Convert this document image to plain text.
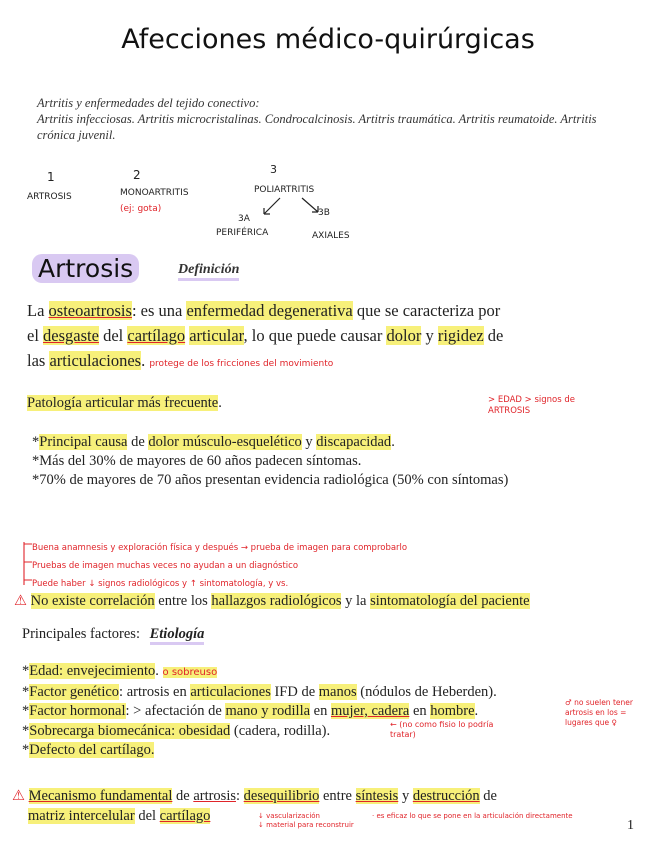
Afecciones médico-quirúrgicas
Artritis y enfermedades del tejido conectivo:
Artritis infecciosas. Artritis microcristalinas. Condrocalcinosis. Artitris traumática. Artritis reumatoide. Artritis crónica juvenil.
1
ARTROSIS
2
MONOARTRITIS
(ej: gota)
3
POLIARTRITIS
3A
PERIFÉRICA
3B
AXIALES
Artrosis	Definición
La osteoartrosis: es una enfermedad degenerativa que se caracteriza por
el desgaste del cartílago articular, lo que puede causar dolor y rigidez de
las articulaciones. protege de los fricciones del movimiento
Patología articular más frecuente.	> EDAD > signos de ARTROSIS
*Principal causa de dolor músculo-esquelético y discapacidad.
*Más del 30% de mayores de 60 años padecen síntomas.
*70% de mayores de 70 años presentan evidencia radiológica (50% con síntomas)
Buena anamnesis y exploración física y después → prueba de imagen para comprobarlo
Pruebas de imagen muchas veces no ayudan a un diagnóstico
Puede haber ↓ signos radiológicos y ↑ sintomatología, y vs.
⚠ No existe correlación entre los hallazgos radiológicos y la sintomatología del paciente
Principales factores: Etiología
*Edad: envejecimiento. o sobreuso
*Factor genético: artrosis en articulaciones IFD de manos (nódulos de Heberden).
*Factor hormonal: > afectación de mano y rodilla en mujer, cadera en hombre.
*Sobrecarga biomecánica: obesidad (cadera, rodilla).
*Defecto del cartílago.
♂ no suelen tener artrosis en los = lugares que ♀
← (no como fisio lo podría tratar)
⚠ Mecanismo fundamental de artrosis: desequilibrio entre síntesis y destrucción de
matriz intercelular del cartílago	↓ vascularización
↓ material para reconstruir
· es eficaz lo que se pone en la articulación directamente
1
